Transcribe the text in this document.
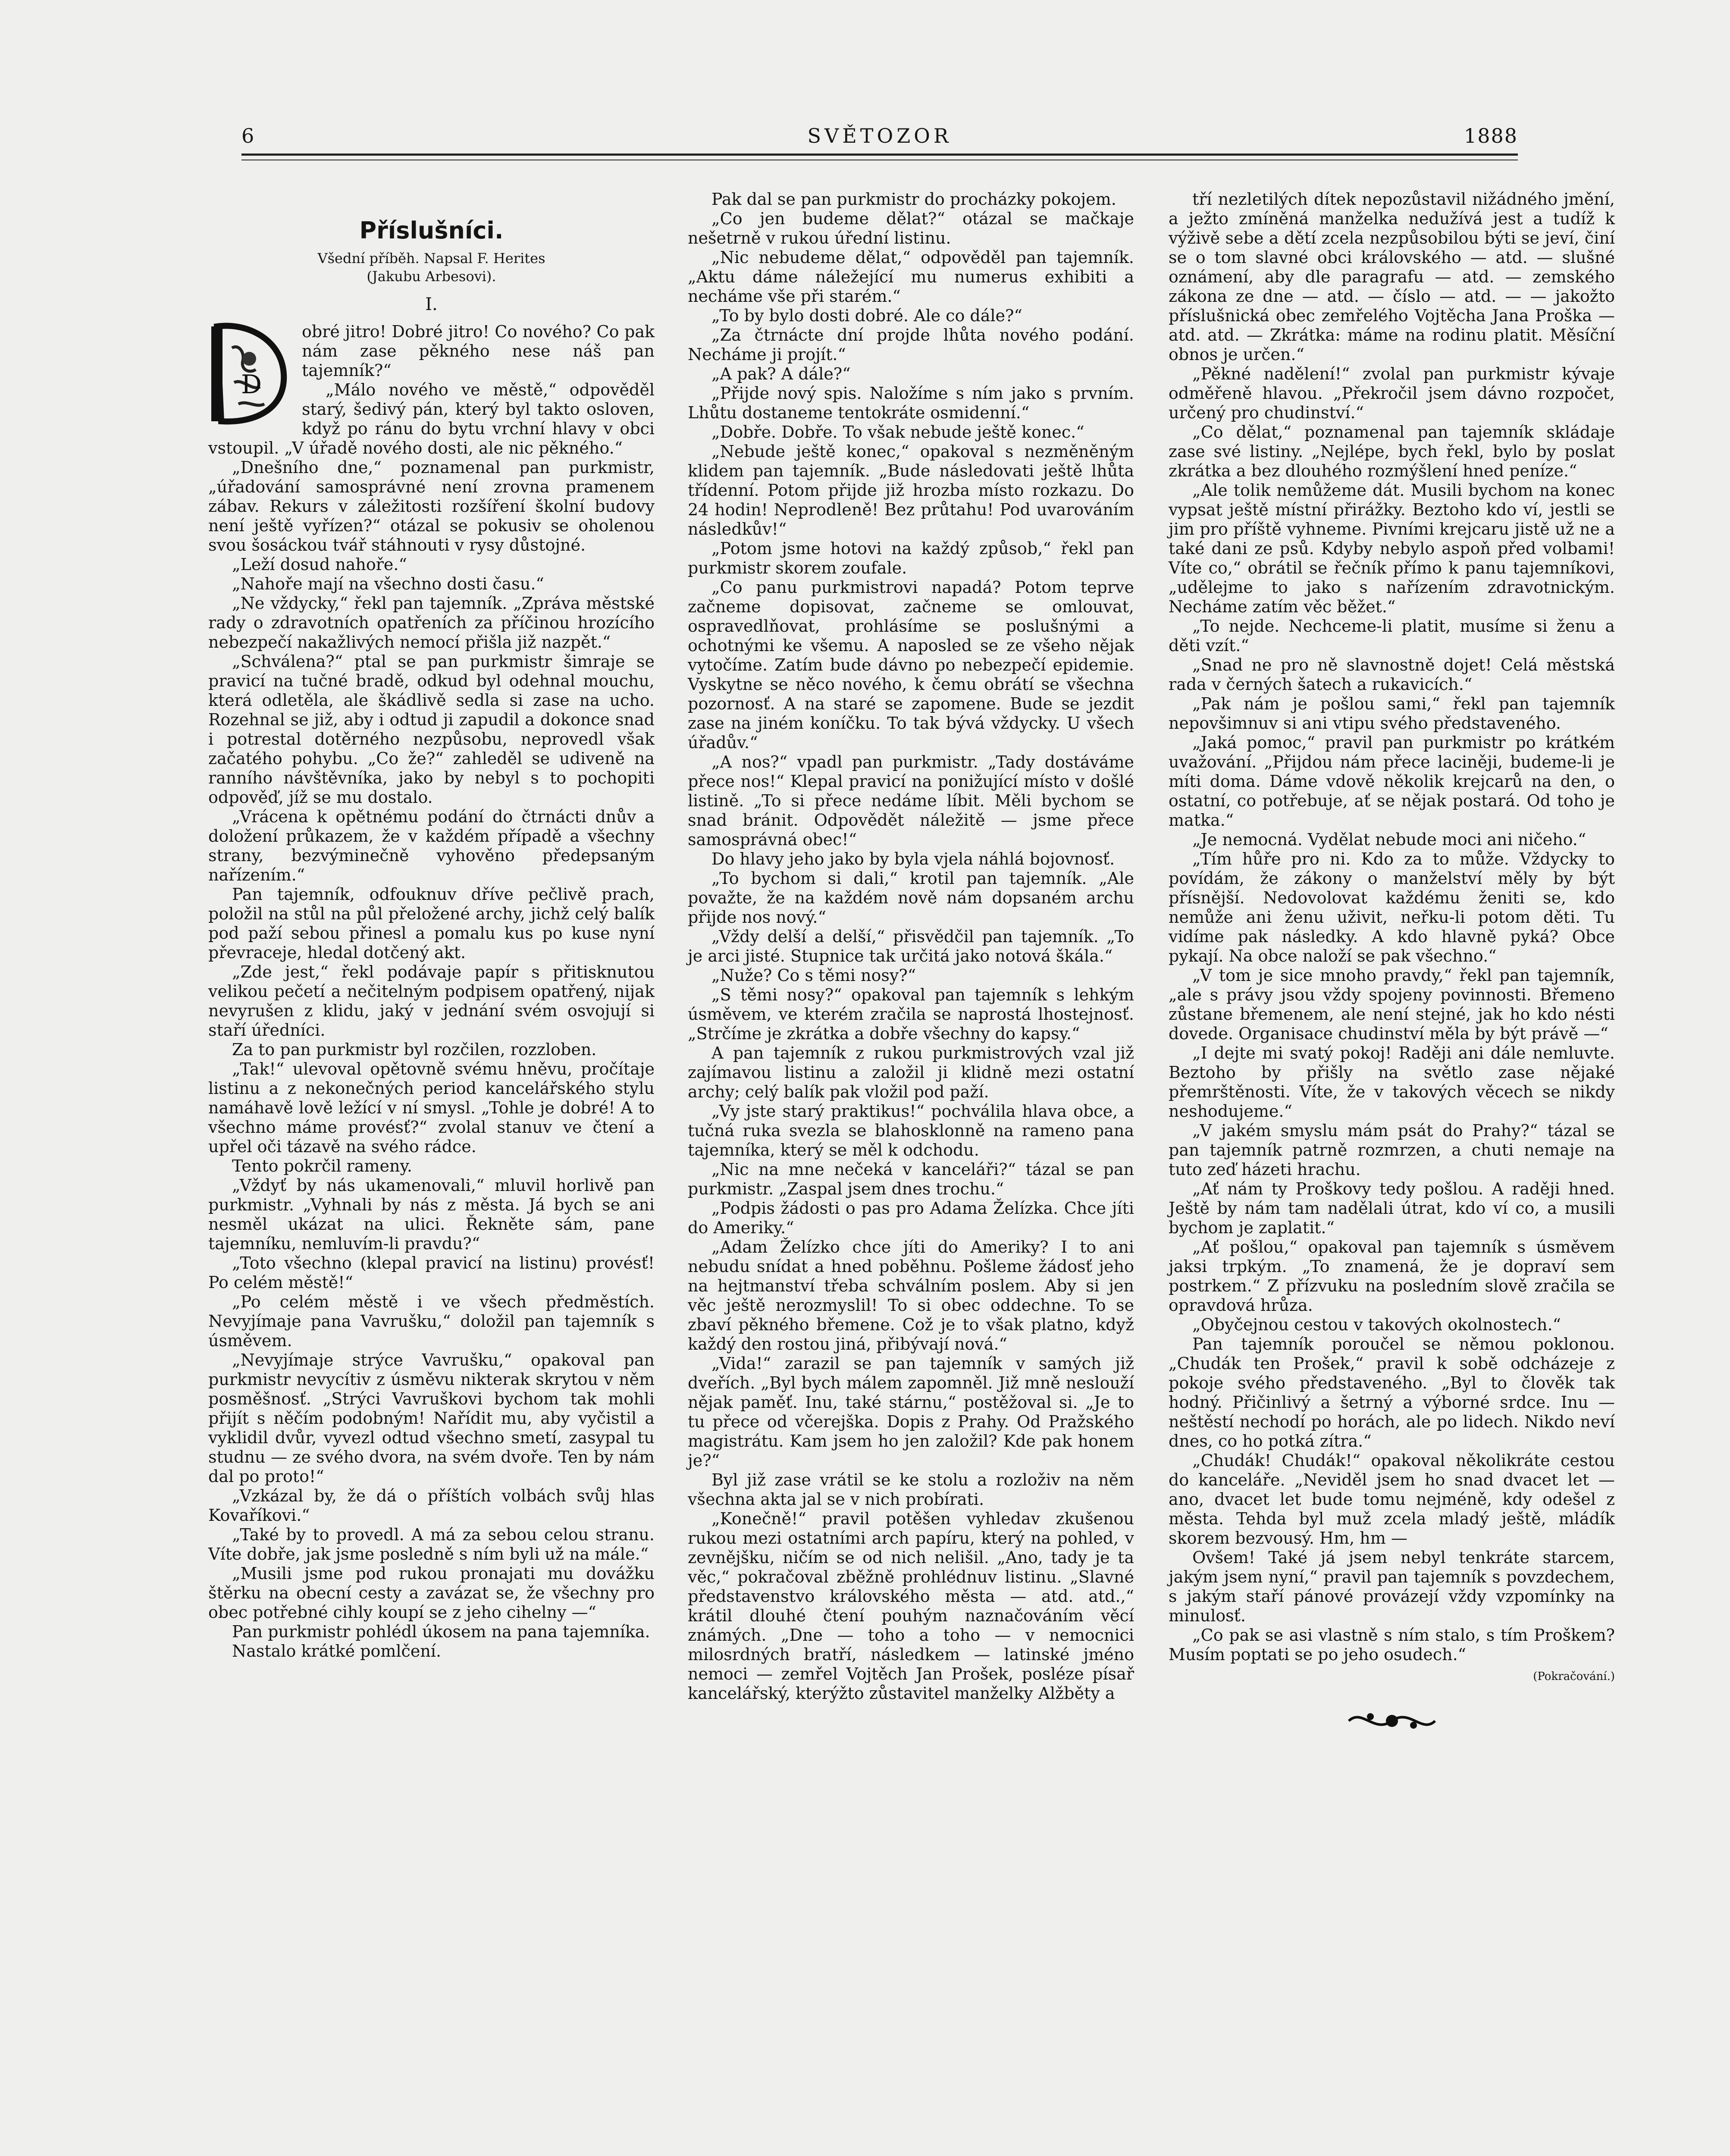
SVĚTOZOR
6	1888
Příslušníci.

Všední příběh. Napsal F. Herites

(Jakubu Arbesovi).

I.
D

obré jitro! Dobré jitro! Co nového? Co pak nám zase pěkného nese náš pan tajemník?“

„Málo nového ve městě,“ odpověděl starý, šedivý pán, který byl takto osloven, když po ránu do bytu vrchní hlavy v obci vstoupil. „V úřadě nového dosti, ale nic pěkného.“

„Dnešního dne,“ poznamenal pan purkmistr, „úřadování samosprávné není zrovna pramenem zábav. Rekurs v záležitosti rozšíření školní budovy není ještě vyřízen?“ otázal se pokusiv se oholenou svou šosáckou tvář stáhnouti v rysy důstojné.

„Leží dosud nahoře.“

„Nahoře mají na všechno dosti času.“

„Ne vždycky,“ řekl pan tajemník. „Zpráva městské rady o zdravotních opatřeních za příčinou hrozícího nebezpečí nakažlivých nemocí přišla již nazpět.“

„Schválena?“ ptal se pan purkmistr šimraje se pravicí na tučné bradě, odkud byl odehnal mouchu, která odletěla, ale škádlivě sedla si zase na ucho. Rozehnal se již, aby i odtud ji zapudil a dokonce snad i potrestal dotěrného nezpůsobu, neprovedl však začatého pohybu. „Co že?“ zahleděl se udiveně na ranního návštěvníka, jako by nebyl s to pochopiti odpověď, jíž se mu dostalo.

„Vrácena k opětnému podání do čtrnácti dnův a doložení průkazem, že v každém případě a všechny strany, bezvýminečně vyhověno předepsaným nařízením.“

Pan tajemník, odfouknuv dříve pečlivě prach, položil na stůl na půl přeložené archy, jichž celý balík pod paží sebou přinesl a pomalu kus po kuse nyní převraceje, hledal dotčený akt.

„Zde jest,“ řekl podávaje papír s přitisknutou velikou pečetí a nečitelným podpisem opatřený, nijak nevyrušen z klidu, jaký v jednání svém osvojují si staří úředníci.

Za to pan purkmistr byl rozčilen, rozzloben.

„Tak!“ ulevoval opětovně svému hněvu, pročítaje listinu a z nekonečných period kancelářského stylu namáhavě lově ležící v ní smysl. „Tohle je dobré! A to všechno máme provésť?“ zvolal stanuv ve čtení a upřel oči tázavě na svého rádce.

Tento pokrčil rameny.

„Vždyť by nás ukamenovali,“ mluvil horlivě pan purkmistr. „Vyhnali by nás z města. Já bych se ani nesměl ukázat na ulici. Řekněte sám, pane tajemníku, nemluvím-li pravdu?“

„Toto všechno (klepal pravicí na listinu) provésť! Po celém městě!“

„Po celém městě i ve všech předměstích. Nevyjímaje pana Vavrušku,“ doložil pan tajemník s úsměvem.

„Nevyjímaje strýce Vavrušku,“ opakoval pan purkmistr nevycítiv z úsměvu nikterak skrytou v něm posměšnosť. „Strýci Vavruškovi bychom tak mohli přijít s něčím podobným! Nařídit mu, aby vyčistil a vyklidil dvůr, vyvezl odtud všechno smetí, zasypal tu studnu — ze svého dvora, na svém dvoře. Ten by nám dal po proto!“

„Vzkázal by, že dá o příštích volbách svůj hlas Kovaříkovi.“

„Také by to provedl. A má za sebou celou stranu. Víte dobře, jak jsme posledně s ním byli už na mále.“

„Musili jsme pod rukou pronajati mu dovážku štěrku na obecní cesty a zavázat se, že všechny pro obec potřebné cihly koupí se z jeho cihelny —“

Pan purkmistr pohlédl úkosem na pana tajemníka.

Nastalo krátké pomlčení.

Pak dal se pan purkmistr do procházky pokojem.

„Co jen budeme dělat?“ otázal se mačkaje nešetrně v rukou úřední listinu.

„Nic nebudeme dělat,“ odpověděl pan tajemník. „Aktu dáme náležející mu numerus exhibiti a necháme vše při starém.“

„To by bylo dosti dobré. Ale co dále?“

„Za čtrnácte dní projde lhůta nového podání. Necháme ji projít.“

„A pak? A dále?“

„Přijde nový spis. Naložíme s ním jako s prvním. Lhůtu dostaneme tentokráte osmidenní.“

„Dobře. Dobře. To však nebude ještě konec.“

„Nebude ještě konec,“ opakoval s nezměněným klidem pan tajemník. „Bude následovati ještě lhůta třídenní. Potom přijde již hrozba místo rozkazu. Do 24 hodin! Neprodleně! Bez průtahu! Pod uvarováním následkův!“

„Potom jsme hotovi na každý způsob,“ řekl pan purkmistr skorem zoufale.

„Co panu purkmistrovi napadá? Potom teprve začneme dopisovat, začneme se omlouvat, ospravedlňovat, prohlásíme se poslušnými a ochotnými ke všemu. A naposled se ze všeho nějak vytočíme. Zatím bude dávno po nebezpečí epidemie. Vyskytne se něco nového, k čemu obrátí se všechna pozornosť. A na staré se zapomene. Bude se jezdit zase na jiném koníčku. To tak bývá vždycky. U všech úřadův.“

„A nos?“ vpadl pan purkmistr. „Tady dostáváme přece nos!“ Klepal pravicí na ponižující místo v došlé listině. „To si přece nedáme líbit. Měli bychom se snad bránit. Odpovědět náležitě — jsme přece samosprávná obec!“

Do hlavy jeho jako by byla vjela náhlá bojovnosť.

„To bychom si dali,“ krotil pan tajemník. „Ale považte, že na každém nově nám dopsaném archu přijde nos nový.“

„Vždy delší a delší,“ přisvědčil pan tajemník. „To je arci jisté. Stupnice tak určitá jako notová škála.“

„Nuže? Co s těmi nosy?“

„S těmi nosy?“ opakoval pan tajemník s lehkým úsměvem, ve kterém zračila se naprostá lhostejnosť. „Strčíme je zkrátka a dobře všechny do kapsy.“

A pan tajemník z rukou purkmistrových vzal již zajímavou listinu a založil ji klidně mezi ostatní archy; celý balík pak vložil pod paží.

„Vy jste starý praktikus!“ pochválila hlava obce, a tučná ruka svezla se blahosklonně na rameno pana tajemníka, který se měl k odchodu.

„Nic na mne nečeká v kanceláři?“ tázal se pan purkmistr. „Zaspal jsem dnes trochu.“

„Podpis žádosti o pas pro Adama Želízka. Chce jíti do Ameriky.“

„Adam Želízko chce jíti do Ameriky? I to ani nebudu snídat a hned poběhnu. Pošleme žádosť jeho na hejtmanství třeba schválním poslem. Aby si jen věc ještě nerozmyslil! To si obec oddechne. To se zbaví pěkného břemene. Což je to však platno, když každý den rostou jiná, přibývají nová.“

„Vida!“ zarazil se pan tajemník v samých již dveřích. „Byl bych málem zapomněl. Již mně neslouží nějak paměť. Inu, také stárnu,“ postěžoval si. „Je to tu přece od včerejška. Dopis z Prahy. Od Pražského magistrátu. Kam jsem ho jen založil? Kde pak honem je?“

Byl již zase vrátil se ke stolu a rozloživ na něm všechna akta jal se v nich probírati.

„Konečně!“ pravil potěšen vyhledav zkušenou rukou mezi ostatními arch papíru, který na pohled, v zevnějšku, ničím se od nich nelišil. „Ano, tady je ta věc,“ pokračoval zběžně prohlédnuv listinu. „Slavné představenstvo královského města — atd. atd.,“ krátil dlouhé čtení pouhým naznačováním věcí známých. „Dne — toho a toho — v nemocnici milosrdných bratří, následkem — latinské jméno nemoci — zemřel Vojtěch Jan Prošek, posléze písař kancelářský, kterýžto zůstavitel manželky Alžběty a

tří nezletilých dítek nepozůstavil nižádného jmění, a ježto zmíněná manželka nedužívá jest a tudíž k výživě sebe a dětí zcela nezpůsobilou býti se jeví, činí se o tom slavné obci královského — atd. — slušné oznámení, aby dle paragrafu — atd. — zemského zákona ze dne — atd. — číslo — atd. — — jakožto příslušnická obec zemřelého Vojtěcha Jana Proška — atd. atd. — Zkrátka: máme na rodinu platit. Měsíční obnos je určen.“

„Pěkné nadělení!“ zvolal pan purkmistr kývaje odměřeně hlavou. „Překročil jsem dávno rozpočet, určený pro chudinství.“

„Co dělat,“ poznamenal pan tajemník skládaje zase své listiny. „Nejlépe, bych řekl, bylo by poslat zkrátka a bez dlouhého rozmýšlení hned peníze.“

„Ale tolik nemůžeme dát. Musili bychom na konec vypsat ještě místní přirážky. Beztoho kdo ví, jestli se jim pro příště vyhneme. Pivními krejcaru jistě už ne a také dani ze psů. Kdyby nebylo aspoň před volbami! Víte co,“ obrátil se řečník přímo k panu tajemníkovi, „udělejme to jako s nařízením zdravotnickým. Necháme zatím věc běžet.“

„To nejde. Nechceme-li platit, musíme si ženu a děti vzít.“

„Snad ne pro ně slavnostně dojet! Celá městská rada v černých šatech a rukavicích.“

„Pak nám je pošlou sami,“ řekl pan tajemník nepovšimnuv si ani vtipu svého představeného.

„Jaká pomoc,“ pravil pan purkmistr po krátkém uvažování. „Přijdou nám přece laciněji, budeme-li je míti doma. Dáme vdově několik krejcarů na den, o ostatní, co potřebuje, ať se nějak postará. Od toho je matka.“

„Je nemocná. Vydělat nebude moci ani ničeho.“

„Tím hůře pro ni. Kdo za to může. Vždycky to povídám, že zákony o manželství měly by být přísnější. Nedovolovat každému ženiti se, kdo nemůže ani ženu uživit, neřku-li potom děti. Tu vidíme pak následky. A kdo hlavně pyká? Obce pykají. Na obce naloží se pak všechno.“

„V tom je sice mnoho pravdy,“ řekl pan tajemník, „ale s právy jsou vždy spojeny povinnosti. Břemeno zůstane břemenem, ale není stejné, jak ho kdo nésti dovede. Organisace chudinství měla by být právě —“

„I dejte mi svatý pokoj! Raději ani dále nemluvte. Beztoho by přišly na světlo zase nějaké přemrštěnosti. Víte, že v takových věcech se nikdy neshodujeme.“

„V jakém smyslu mám psát do Prahy?“ tázal se pan tajemník patrně rozmrzen, a chuti nemaje na tuto zeď házeti hrachu.

„Ať nám ty Proškovy tedy pošlou. A raději hned. Ještě by nám tam nadělali útrat, kdo ví co, a musili bychom je zaplatit.“

„Ať pošlou,“ opakoval pan tajemník s úsměvem jaksi trpkým. „To znamená, že je dopraví sem postrkem.“ Z přízvuku na posledním slově zračila se opravdová hrůza.

„Obyčejnou cestou v takových okolnostech.“

Pan tajemník poroučel se němou poklonou. „Chudák ten Prošek,“ pravil k sobě odcházeje z pokoje svého představeného. „Byl to člověk tak hodný. Přičinlivý a šetrný a výborné srdce. Inu — neštěstí nechodí po horách, ale po lidech. Nikdo neví dnes, co ho potká zítra.“

„Chudák! Chudák!“ opakoval několikráte cestou do kanceláře. „Neviděl jsem ho snad dvacet let — ano, dvacet let bude tomu nejméně, kdy odešel z města. Tehda byl muž zcela mladý ještě, mládík skorem bezvousý. Hm, hm —

Ovšem! Také já jsem nebyl tenkráte starcem, jakým jsem nyní,“ pravil pan tajemník s povzdechem, s jakým staří pánové provázejí vždy vzpomínky na minulosť.

„Co pak se asi vlastně s ním stalo, s tím Proškem? Musím poptati se po jeho osudech.“

(Pokračování.)
